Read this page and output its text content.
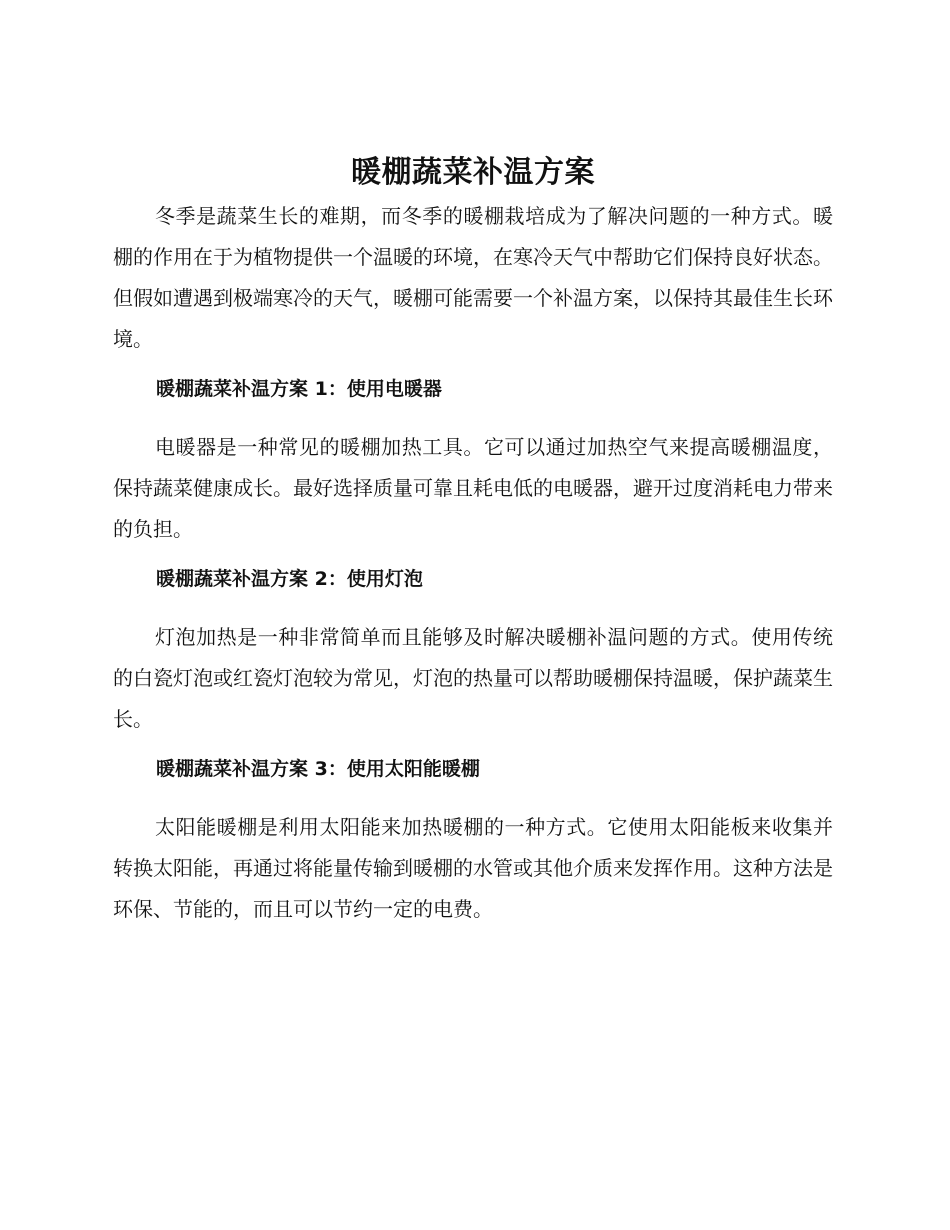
暖棚蔬菜补温方案

冬季是蔬菜生长的难期，而冬季的暖棚栽培成为了解决问题的一种方式。暖棚的作用在于为植物提供一个温暖的环境，在寒冷天气中帮助它们保持良好状态。但假如遭遇到极端寒冷的天气，暖棚可能需要一个补温方案，以保持其最佳生长环境。

暖棚蔬菜补温方案 1：使用电暖器

电暖器是一种常见的暖棚加热工具。它可以通过加热空气来提高暖棚温度，保持蔬菜健康成长。最好选择质量可靠且耗电低的电暖器，避开过度消耗电力带来的负担。

暖棚蔬菜补温方案 2：使用灯泡

灯泡加热是一种非常简单而且能够及时解决暖棚补温问题的方式。使用传统的白瓷灯泡或红瓷灯泡较为常见，灯泡的热量可以帮助暖棚保持温暖，保护蔬菜生长。

暖棚蔬菜补温方案 3：使用太阳能暖棚

太阳能暖棚是利用太阳能来加热暖棚的一种方式。它使用太阳能板来收集并转换太阳能，再通过将能量传输到暖棚的水管或其他介质来发挥作用。这种方法是环保、节能的，而且可以节约一定的电费。
